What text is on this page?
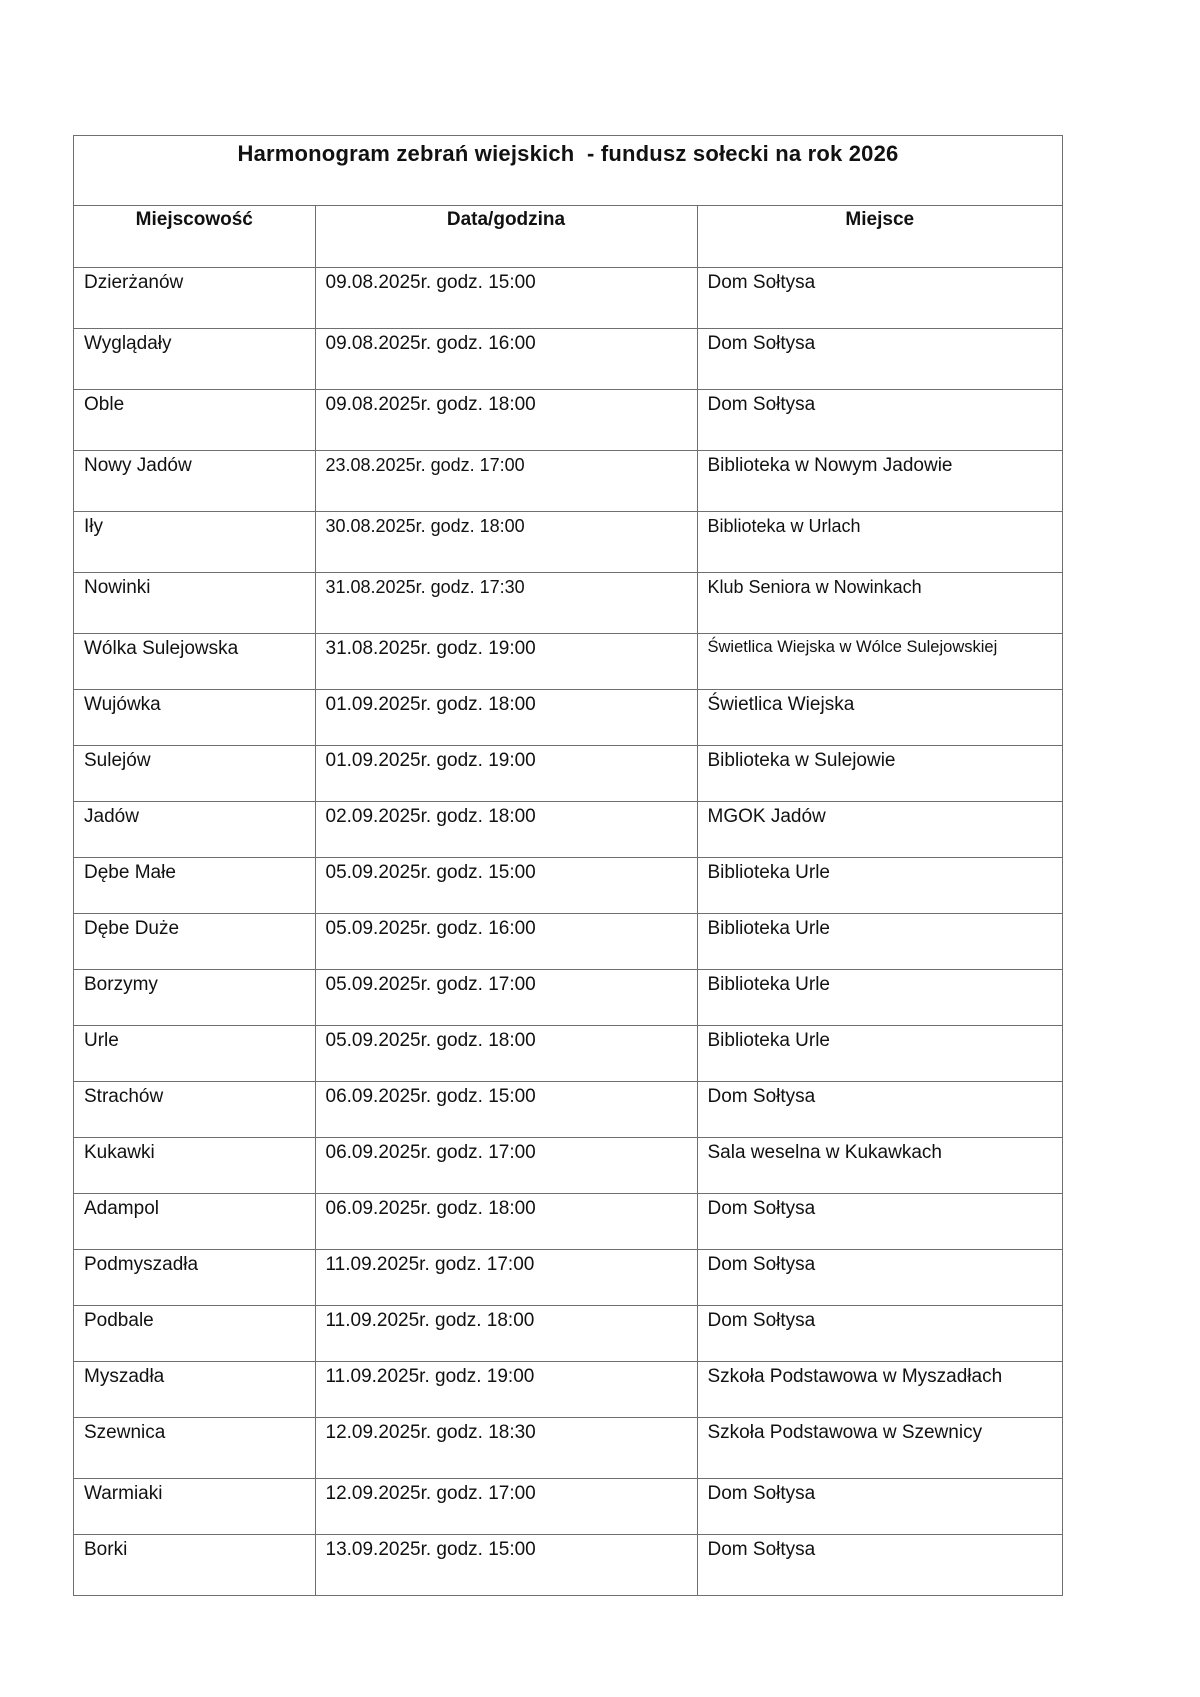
Harmonogram zebrań wiejskich  - fundusz sołecki na rok 2026
Miejscowość	Data/godzina	Miejsce
Dzierżanów	09.08.2025r. godz. 15:00	Dom Sołtysa
Wyglądały	09.08.2025r. godz. 16:00	Dom Sołtysa
Oble	09.08.2025r. godz. 18:00	Dom Sołtysa
Nowy Jadów	23.08.2025r. godz. 17:00	Biblioteka w Nowym Jadowie
Iły	30.08.2025r. godz. 18:00	Biblioteka w Urlach
Nowinki	31.08.2025r. godz. 17:30	Klub Seniora w Nowinkach
Wólka Sulejowska	31.08.2025r. godz. 19:00	Świetlica Wiejska w Wólce Sulejowskiej
Wujówka	01.09.2025r. godz. 18:00	Świetlica Wiejska
Sulejów	01.09.2025r. godz. 19:00	Biblioteka w Sulejowie
Jadów	02.09.2025r. godz. 18:00	MGOK Jadów
Dębe Małe	05.09.2025r. godz. 15:00	Biblioteka Urle
Dębe Duże	05.09.2025r. godz. 16:00	Biblioteka Urle
Borzymy	05.09.2025r. godz. 17:00	Biblioteka Urle
Urle	05.09.2025r. godz. 18:00	Biblioteka Urle
Strachów	06.09.2025r. godz. 15:00	Dom Sołtysa
Kukawki	06.09.2025r. godz. 17:00	Sala weselna w Kukawkach
Adampol	06.09.2025r. godz. 18:00	Dom Sołtysa
Podmyszadła	11.09.2025r. godz. 17:00	Dom Sołtysa
Podbale	11.09.2025r. godz. 18:00	Dom Sołtysa
Myszadła	11.09.2025r. godz. 19:00	Szkoła Podstawowa w Myszadłach
Szewnica	12.09.2025r. godz. 18:30	Szkoła Podstawowa w Szewnicy
Warmiaki	12.09.2025r. godz. 17:00	Dom Sołtysa
Borki	13.09.2025r. godz. 15:00	Dom Sołtysa
